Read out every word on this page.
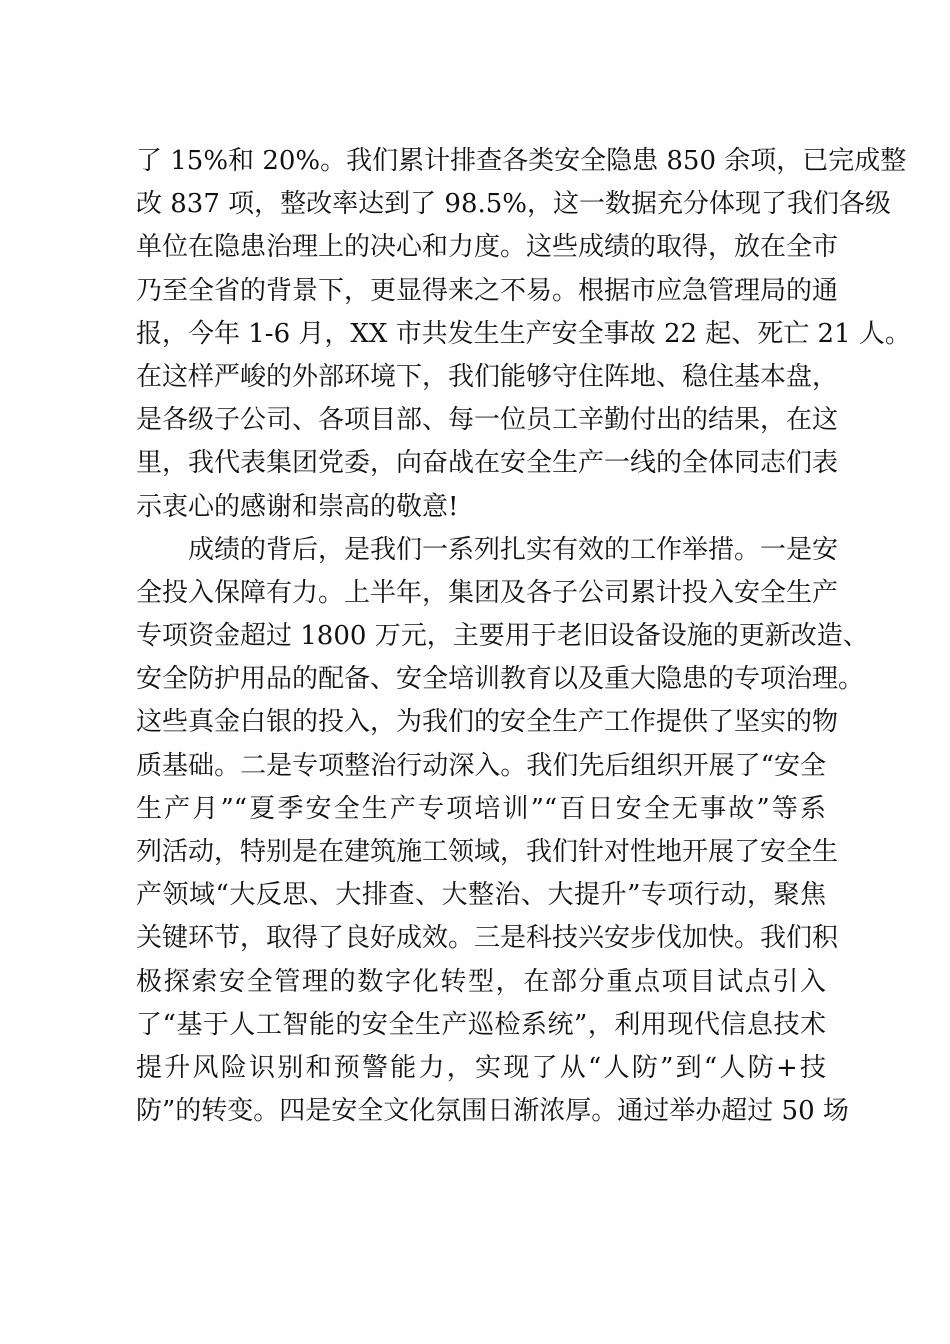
了 15%和 20%。我们累计排查各类安全隐患 850 余项，已完成整
改 837 项，整改率达到了 98.5%，这一数据充分体现了我们各级
单位在隐患治理上的决心和力度。这些成绩的取得，放在全市
乃至全省的背景下，更显得来之不易。根据市应急管理局的通
报，今年 1-6 月，XX 市共发生生产安全事故 22 起、死亡 21 人。
在这样严峻的外部环境下，我们能够守住阵地、稳住基本盘，
是各级子公司、各项目部、每一位员工辛勤付出的结果，在这
里，我代表集团党委，向奋战在安全生产一线的全体同志们表
示衷心的感谢和崇高的敬意!
　　成绩的背后，是我们一系列扎实有效的工作举措。一是安
全投入保障有力。上半年，集团及各子公司累计投入安全生产
专项资金超过 1800 万元，主要用于老旧设备设施的更新改造、
安全防护用品的配备、安全培训教育以及重大隐患的专项治理。
这些真金白银的投入，为我们的安全生产工作提供了坚实的物
质基础。二是专项整治行动深入。我们先后组织开展了“安全
生产月”“夏季安全生产专项培训”“百日安全无事故”等系
列活动，特别是在建筑施工领域，我们针对性地开展了安全生
产领域“大反思、大排查、大整治、大提升”专项行动，聚焦
关键环节，取得了良好成效。三是科技兴安步伐加快。我们积
极探索安全管理的数字化转型，在部分重点项目试点引入
了“基于人工智能的安全生产巡检系统”，利用现代信息技术
提升风险识别和预警能力，实现了从“人防”到“人防+技
防”的转变。四是安全文化氛围日渐浓厚。通过举办超过 50 场
